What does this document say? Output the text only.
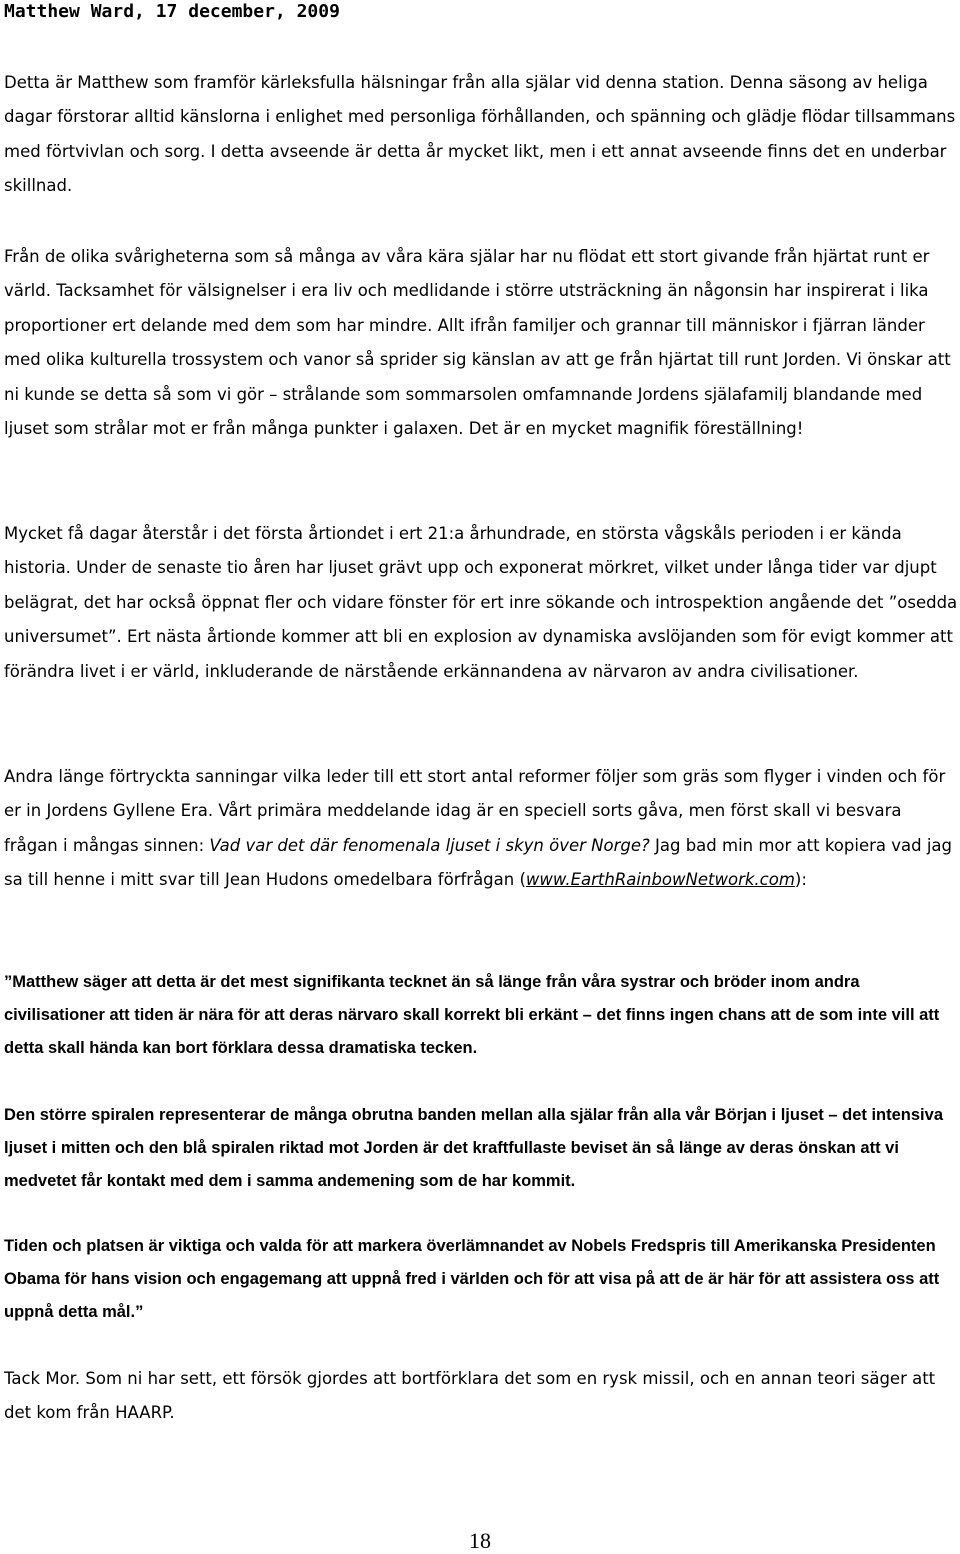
Matthew Ward, 17 december, 2009

Detta är Matthew som framför kärleksfulla hälsningar från alla själar vid denna station. Denna säsong av heliga dagar förstorar alltid känslorna i enlighet med personliga förhållanden, och spänning och glädje flödar tillsammans med förtvivlan och sorg. I detta avseende är detta år mycket likt, men i ett annat avseende finns det en underbar skillnad.

Från de olika svårigheterna som så många av våra kära själar har nu flödat ett stort givande från hjärtat runt er värld. Tacksamhet för välsignelser i era liv och medlidande i större utsträckning än någonsin har inspirerat i lika proportioner ert delande med dem som har mindre. Allt ifrån familjer och grannar till människor i fjärran länder med olika kulturella trossystem och vanor så sprider sig känslan av att ge från hjärtat till runt Jorden. Vi önskar att ni kunde se detta så som vi gör – strålande som sommarsolen omfamnande Jordens själafamilj blandande med ljuset som strålar mot er från många punkter i galaxen. Det är en mycket magnifik föreställning!

Mycket få dagar återstår i det första årtiondet i ert 21:a århundrade, en största vågskåls perioden i er kända historia. Under de senaste tio åren har ljuset grävt upp och exponerat mörkret, vilket under långa tider var djupt belägrat, det har också öppnat fler och vidare fönster för ert inre sökande och introspektion angående det ”osedda universumet”. Ert nästa årtionde kommer att bli en explosion av dynamiska avslöjanden som för evigt kommer att förändra livet i er värld, inkluderande de närstående erkännandena av närvaron av andra civilisationer.

Andra länge förtryckta sanningar vilka leder till ett stort antal reformer följer som gräs som flyger i vinden och för er in Jordens Gyllene Era. Vårt primära meddelande idag är en speciell sorts gåva, men först skall vi besvara frågan i mångas sinnen: Vad var det där fenomenala ljuset i skyn över Norge? Jag bad min mor att kopiera vad jag sa till henne i mitt svar till Jean Hudons omedelbara förfrågan (www.EarthRainbowNetwork.com):

”Matthew säger att detta är det mest signifikanta tecknet än så länge från våra systrar och bröder inom andra civilisationer att tiden är nära för att deras närvaro skall korrekt bli erkänt – det finns ingen chans att de som inte vill att detta skall hända kan bort förklara dessa dramatiska tecken.

Den större spiralen representerar de många obrutna banden mellan alla själar från alla vår Början i ljuset – det intensiva ljuset i mitten och den blå spiralen riktad mot Jorden är det kraftfullaste beviset än så länge av deras önskan att vi medvetet får kontakt med dem i samma andemening som de har kommit.

Tiden och platsen är viktiga och valda för att markera överlämnandet av Nobels Fredspris till Amerikanska Presidenten Obama för hans vision och engagemang att uppnå fred i världen och för att visa på att de är här för att assistera oss att uppnå detta mål.”

Tack Mor. Som ni har sett, ett försök gjordes att bortförklara det som en rysk missil, och en annan teori säger att det kom från HAARP.

18
